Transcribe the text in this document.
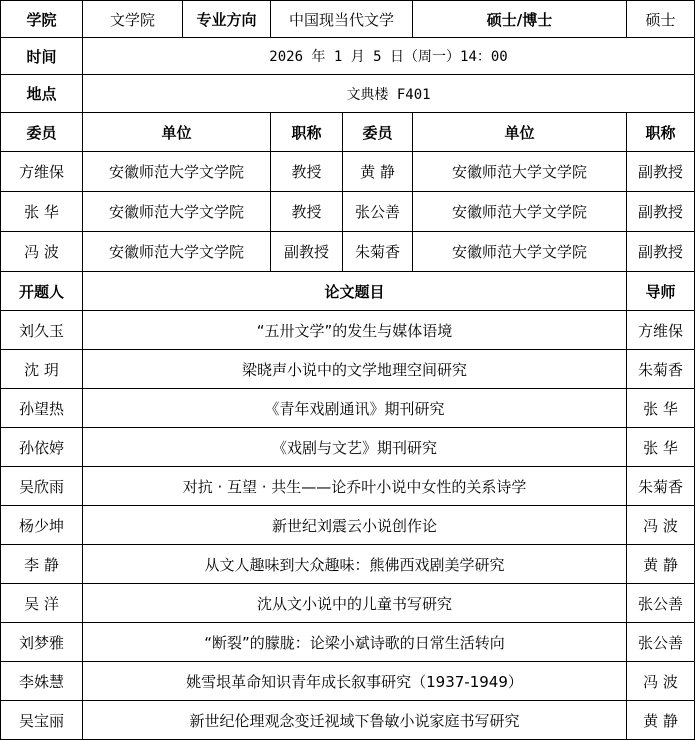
学院	文学院	专业方向	中国现当代文学		硕士/博士	硕士
时间	2026 年 1 月 5 日（周一）14：00					
地点	文典楼 F401					
委员	单位		职称	委员	单位	职称
方维保	安徽师范大学文学院		教授	黄 静	安徽师范大学文学院	副教授
张 华	安徽师范大学文学院		教授	张公善	安徽师范大学文学院	副教授
冯 波	安徽师范大学文学院		副教授	朱菊香	安徽师范大学文学院	副教授
开题人	论文题目					导师
刘久玉	“五卅文学”的发生与媒体语境					方维保
沈 玥	梁晓声小说中的文学地理空间研究					朱菊香
孙望热	《青年戏剧通讯》期刊研究					张 华
孙依婷	《戏剧与文艺》期刊研究					张 华
吴欣雨	对抗 · 互望 · 共生——论乔叶小说中女性的关系诗学					朱菊香
杨少坤	新世纪刘震云小说创作论					冯 波
李 静	从文人趣味到大众趣味：熊佛西戏剧美学研究					黄 静
吴 洋	沈从文小说中的儿童书写研究					张公善
刘梦雅	“断裂”的朦胧：论梁小斌诗歌的日常生活转向					张公善
李姝慧	姚雪垠革命知识青年成长叙事研究（1937-1949）					冯 波
吴宝丽	新世纪伦理观念变迁视域下鲁敏小说家庭书写研究					黄 静
